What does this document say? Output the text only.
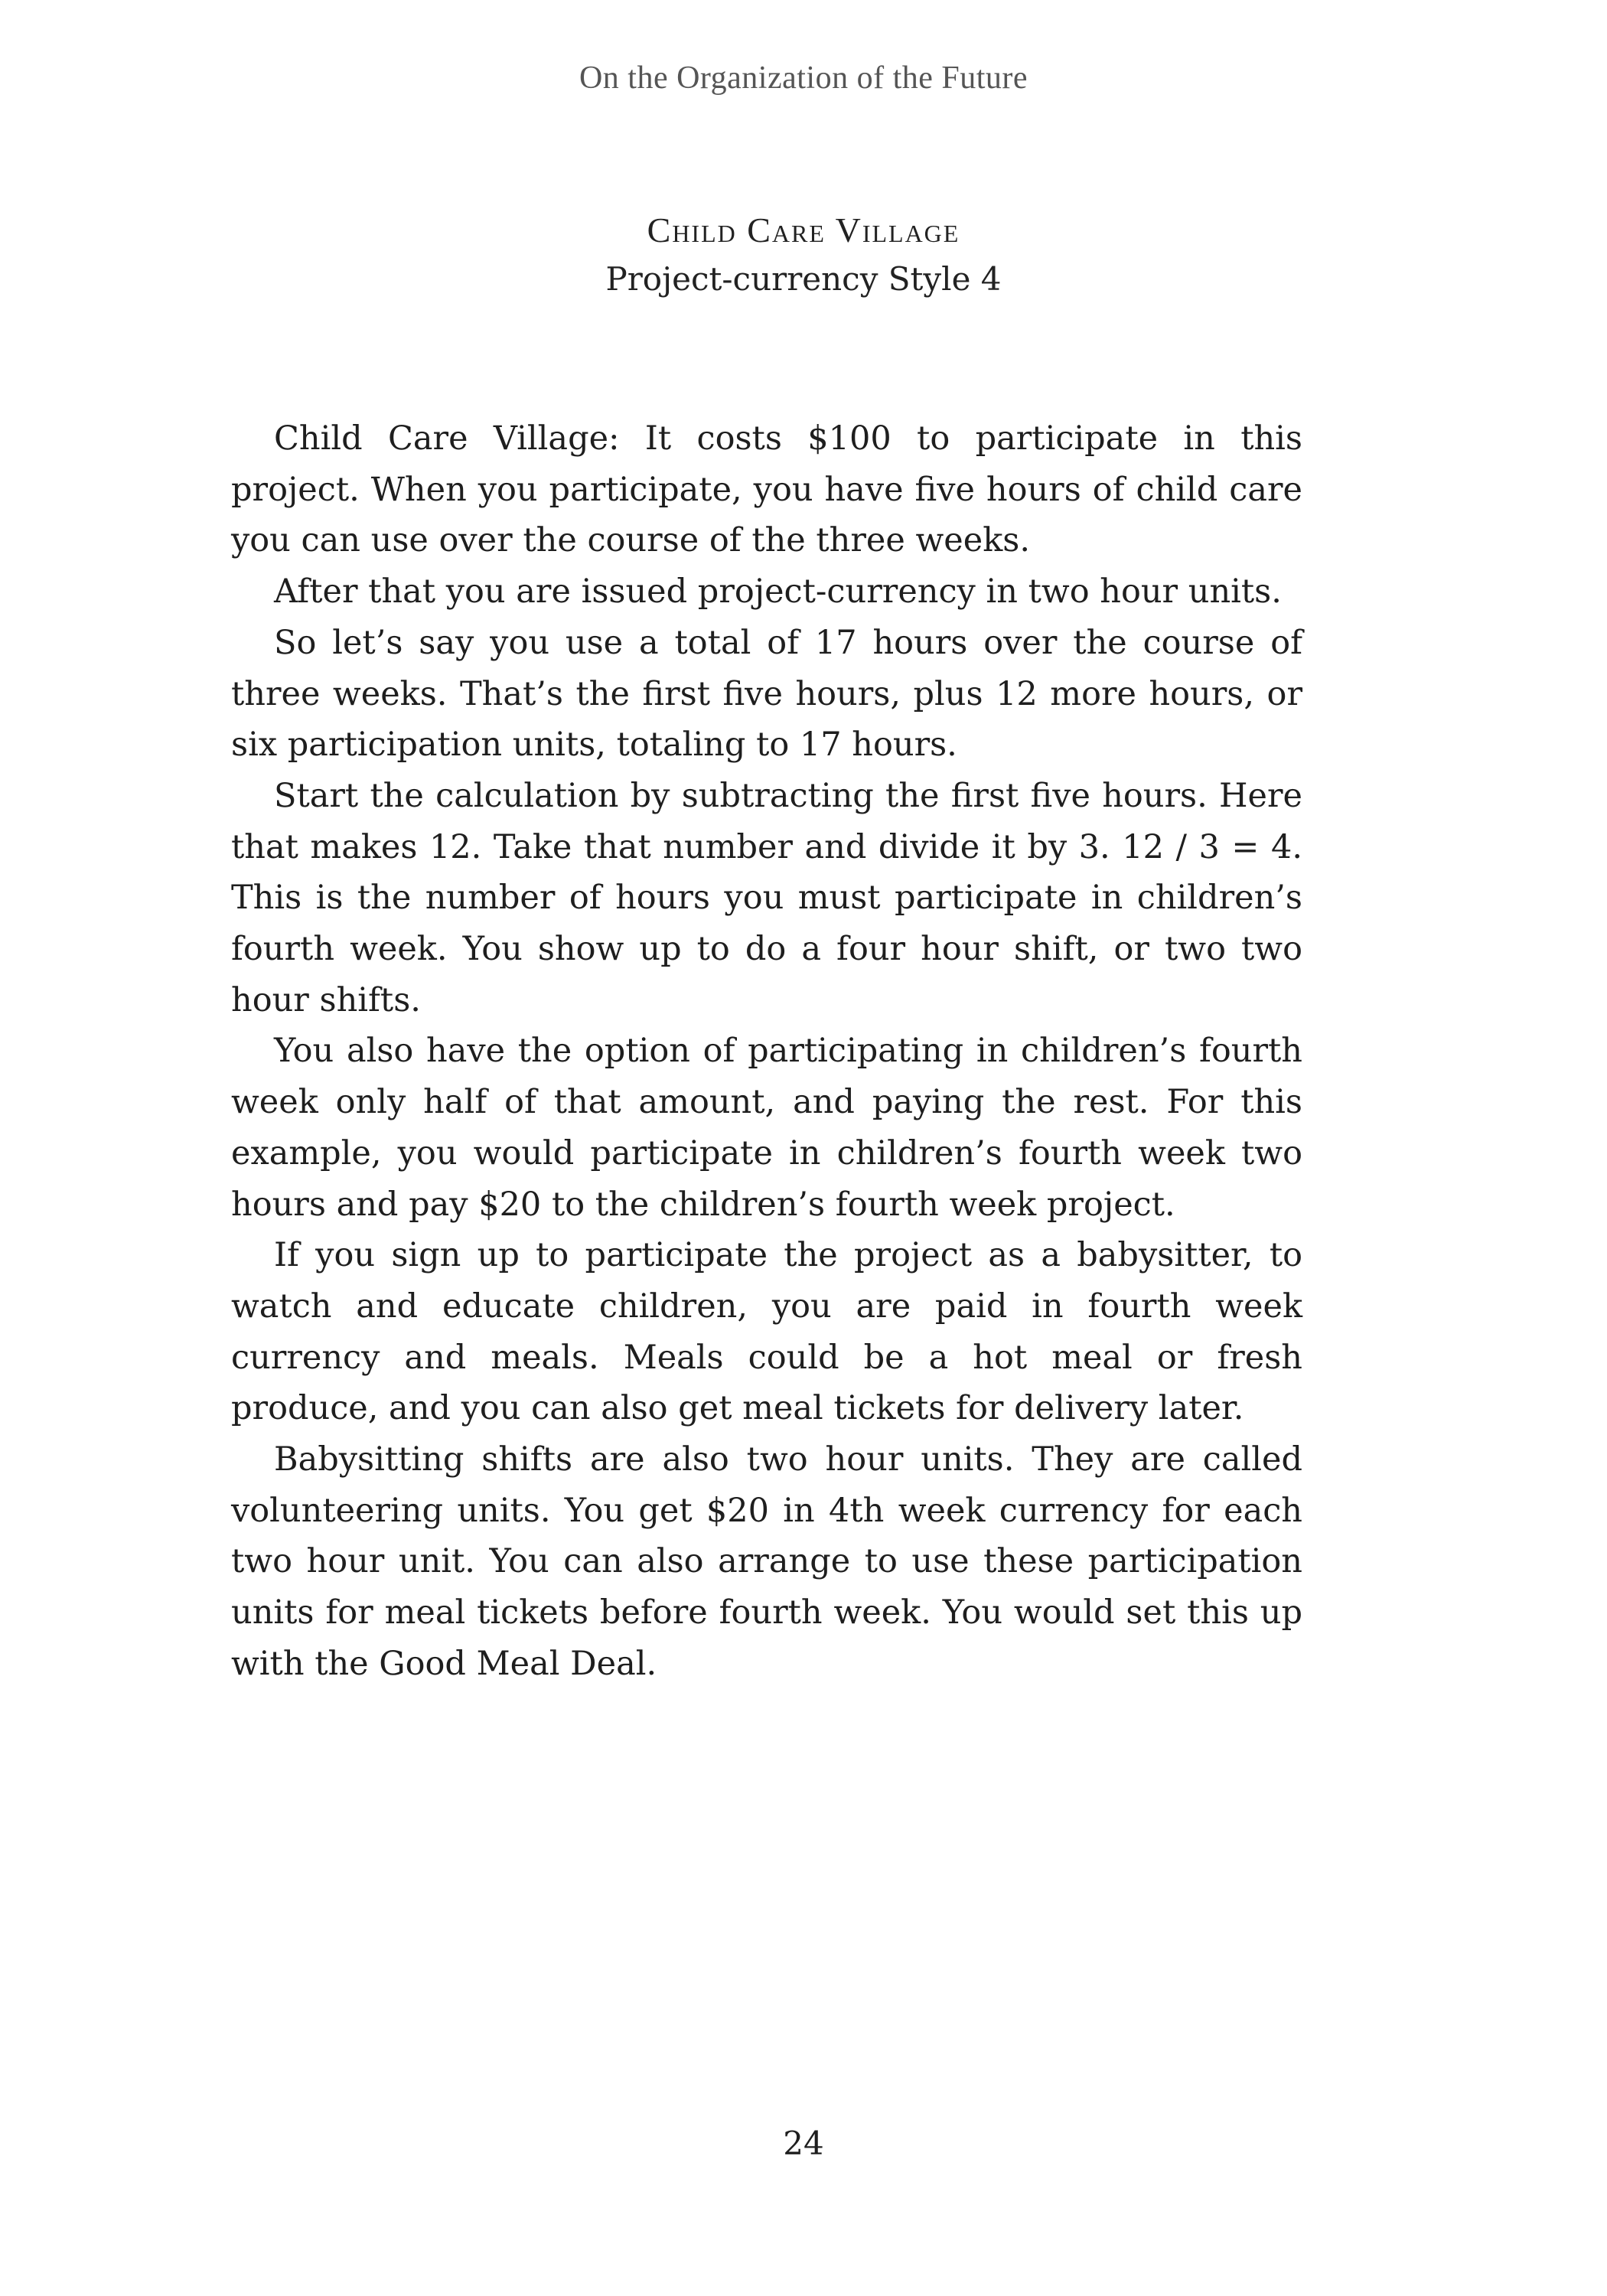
On the Organization of the Future
Child Care Village
Project-currency Style 4

Child Care Village: It costs $100 to participate in this project. When you participate, you have five hours of child care you can use over the course of the three weeks.

After that you are issued project-currency in two hour units.

So let’s say you use a total of 17 hours over the course of three weeks. That’s the first five hours, plus 12 more hours, or six participation units, totaling to 17 hours.

Start the calculation by subtracting the first five hours. Here that makes 12. Take that number and divide it by 3. 12 / 3 = 4. This is the number of hours you must participate in children’s fourth week. You show up to do a four hour shift, or two two hour shifts.

You also have the option of participating in children’s fourth week only half of that amount, and paying the rest. For this example, you would participate in children’s fourth week two hours and pay $20 to the children’s fourth week project.

If you sign up to participate the project as a babysitter, to watch and educate children, you are paid in fourth week currency and meals. Meals could be a hot meal or fresh produce, and you can also get meal tickets for delivery later.

Babysitting shifts are also two hour units. They are called volunteering units. You get $20 in 4th week currency for each two hour unit. You can also arrange to use these participation units for meal tickets before fourth week. You would set this up with the Good Meal Deal.

24
